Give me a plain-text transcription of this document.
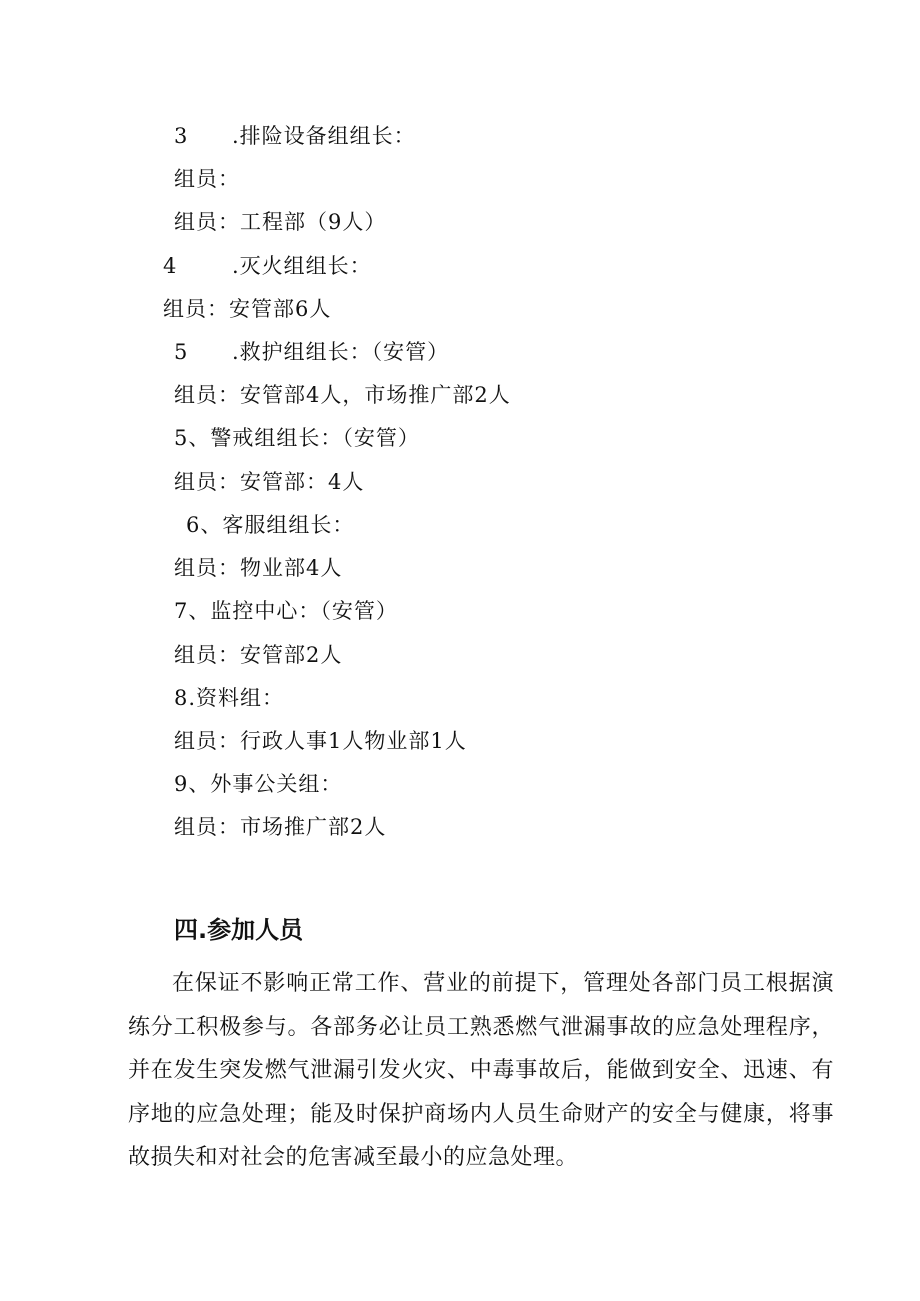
3 .排险设备组组长：
组员：
组员：工程部（9人）
4	.灭火组组长：
组员：安管部6人
5 .救护组组长：（安管）
组员：安管部4人，市场推广部2人
5、警戒组组长：（安管）
组员：安管部：4人
6、客服组组长：
组员：物业部4人
7、监控中心：（安管）
组员：安管部2人
8.资料组：
组员：行政人事1人物业部1人
9、外事公关组：
组员：市场推广部2人
四.参加人员
在保证不影响正常工作、营业的前提下，管理处各部门员工根据演练分工积极参与。各部务必让员工熟悉燃气泄漏事故的应急处理程序，并在发生突发燃气泄漏引发火灾、中毒事故后，能做到安全、迅速、有序地的应急处理；能及时保护商场内人员生命财产的安全与健康，将事故损失和对社会的危害减至最小的应急处理。
